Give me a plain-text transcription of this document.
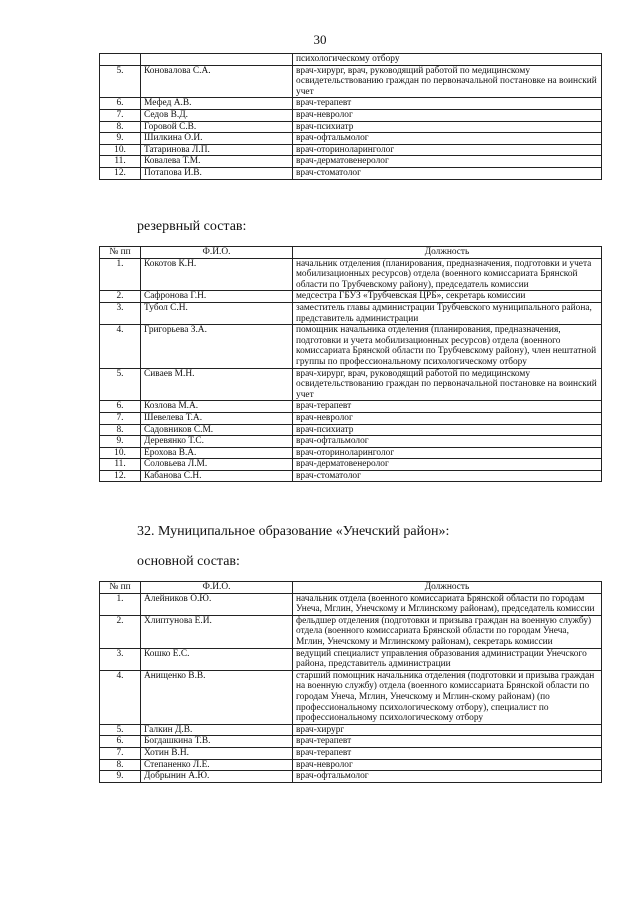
30
		психологическому отбору
5.	Коновалова С.А.	врач-хирург, врач, руководящий работой по медицинскому освидетельствованию граждан по первоначальной постановке на воинский учет
6.	Мефед А.В.	врач-терапевт
7.	Седов В.Д.	врач-невролог
8.	Горовой С.В.	врач-психиатр
9.	Шилкина О.И.	врач-офтальмолог
10.	Татаринова Л.П.	врач-оториноларинголог
11.	Ковалева Т.М.	врач-дерматовенеролог
12.	Потапова И.В.	врач-стоматолог
резервный состав:
№ пп	Ф.И.О.	Должность
1.	Кокотов К.Н.	начальник отделения (планирования, предназначения, подготовки и учета мобилизационных ресурсов) отдела (военного комиссариата Брянской области по Трубчевскому району), председатель комиссии
2.	Сафронова Г.Н.	медсестра ГБУЗ «Трубчевская ЦРБ», секретарь комиссии
3.	Тубол С.Н.	заместитель главы администрации Трубчевского муниципального района, представитель администрации
4.	Григорьева З.А.	помощник начальника отделения (планирования, предназначения, подготовки и учета мобилизационных ресурсов) отдела (военного комиссариата Брянской области по Трубчевскому району), член нештатной группы по профессиональному психологическому отбору
5.	Сиваев М.Н.	врач-хирург, врач, руководящий работой по медицинскому освидетельствованию граждан по первоначальной постановке на воинский учет
6.	Козлова М.А.	врач-терапевт
7.	Шевелева Т.А.	врач-невролог
8.	Садовников С.М.	врач-психиатр
9.	Деревянко Т.С.	врач-офтальмолог
10.	Ерохова В.А.	врач-оториноларинголог
11.	Соловьева Л.М.	врач-дерматовенеролог
12.	Кабанова С.Н.	врач-стоматолог
32. Муниципальное образование «Унечский район»:
основной состав:
№ пп	Ф.И.О.	Должность
1.	Алейников О.Ю.	начальник отдела (военного комиссариата Брянской области по городам Унеча, Мглин, Унечскому и Мглинскому районам), председатель комиссии
2.	Хлиптунова Е.И.	фельдшер отделения (подготовки и призыва граждан на военную службу) отдела (военного комиссариата Брянской области по городам Унеча, Мглин, Унечскому и Мглинскому районам), секретарь комиссии
3.	Кошко Е.С.	ведущий специалист управления образования администрации Унечского района, представитель администрации
4.	Анищенко В.В.	старший помощник начальника отделения (подготовки и призыва граждан на военную службу) отдела (военного комиссариата Брянской области по городам Унеча, Мглин, Унечскому и Мглин-скому районам) (по профессиональному психологическому отбору), специалист по профессиональному психологическому отбору
5.	Галкин Д.В.	врач-хирург
6.	Богдашкина Т.В.	врач-терапевт
7.	Хотин В.Н.	врач-терапевт
8.	Степаненко Л.Е.	врач-невролог
9.	Добрынин А.Ю.	врач-офтальмолог
